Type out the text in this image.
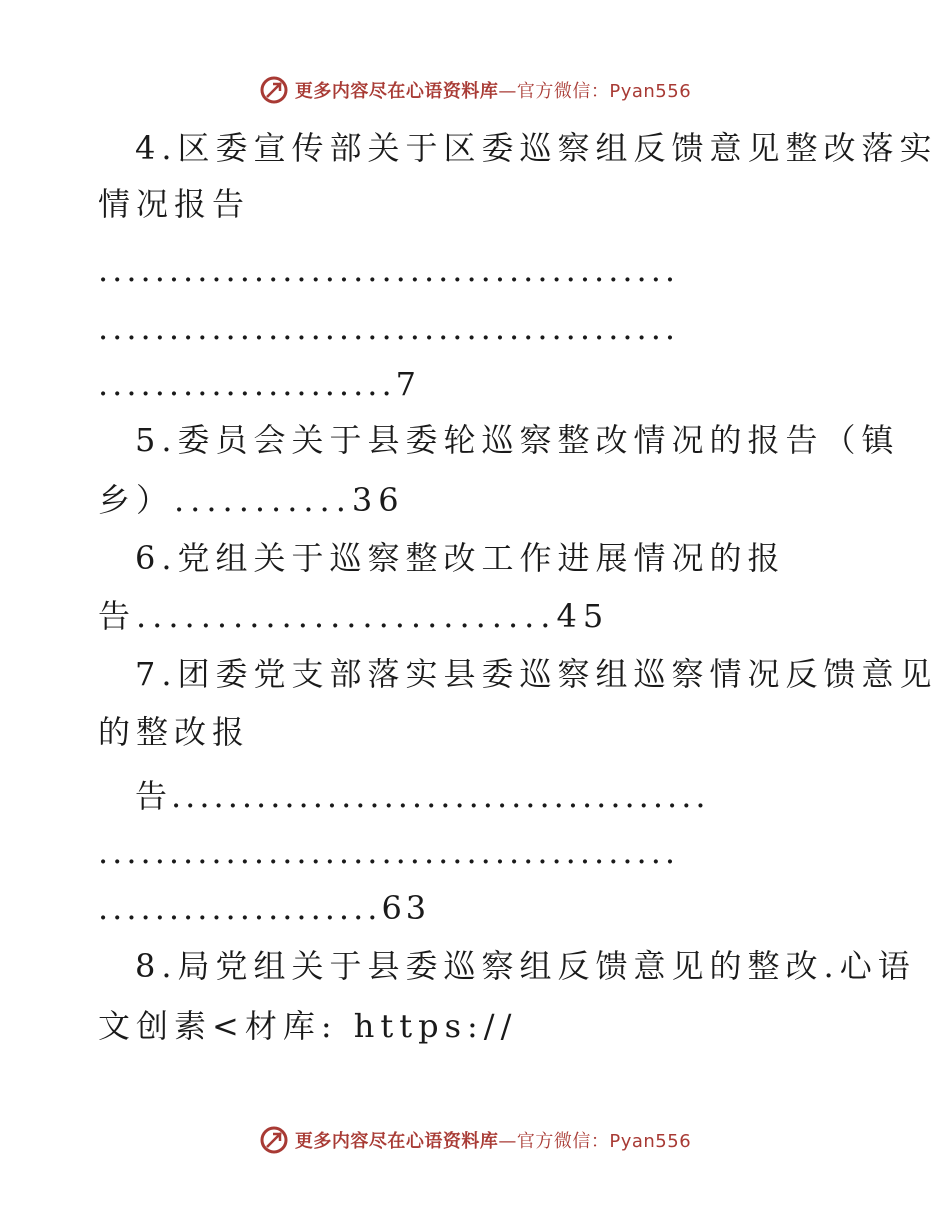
更多内容尽在心语资料库—官方微信：Pyan556
4.区委宣传部关于区委巡察组反馈意见整改落实
情况报告
.........................................
.........................................
.....................7
5.委员会关于县委轮巡察整改情况的报告（镇
乡）...........36
6.党组关于巡察整改工作进展情况的报
告..........................45
7.团委党支部落实县委巡察组巡察情况反馈意见
的整改报
告......................................
.........................................
....................63
8.局党组关于县委巡察组反馈意见的整改.心语
文创素<材库: https://
更多内容尽在心语资料库—官方微信：Pyan556
